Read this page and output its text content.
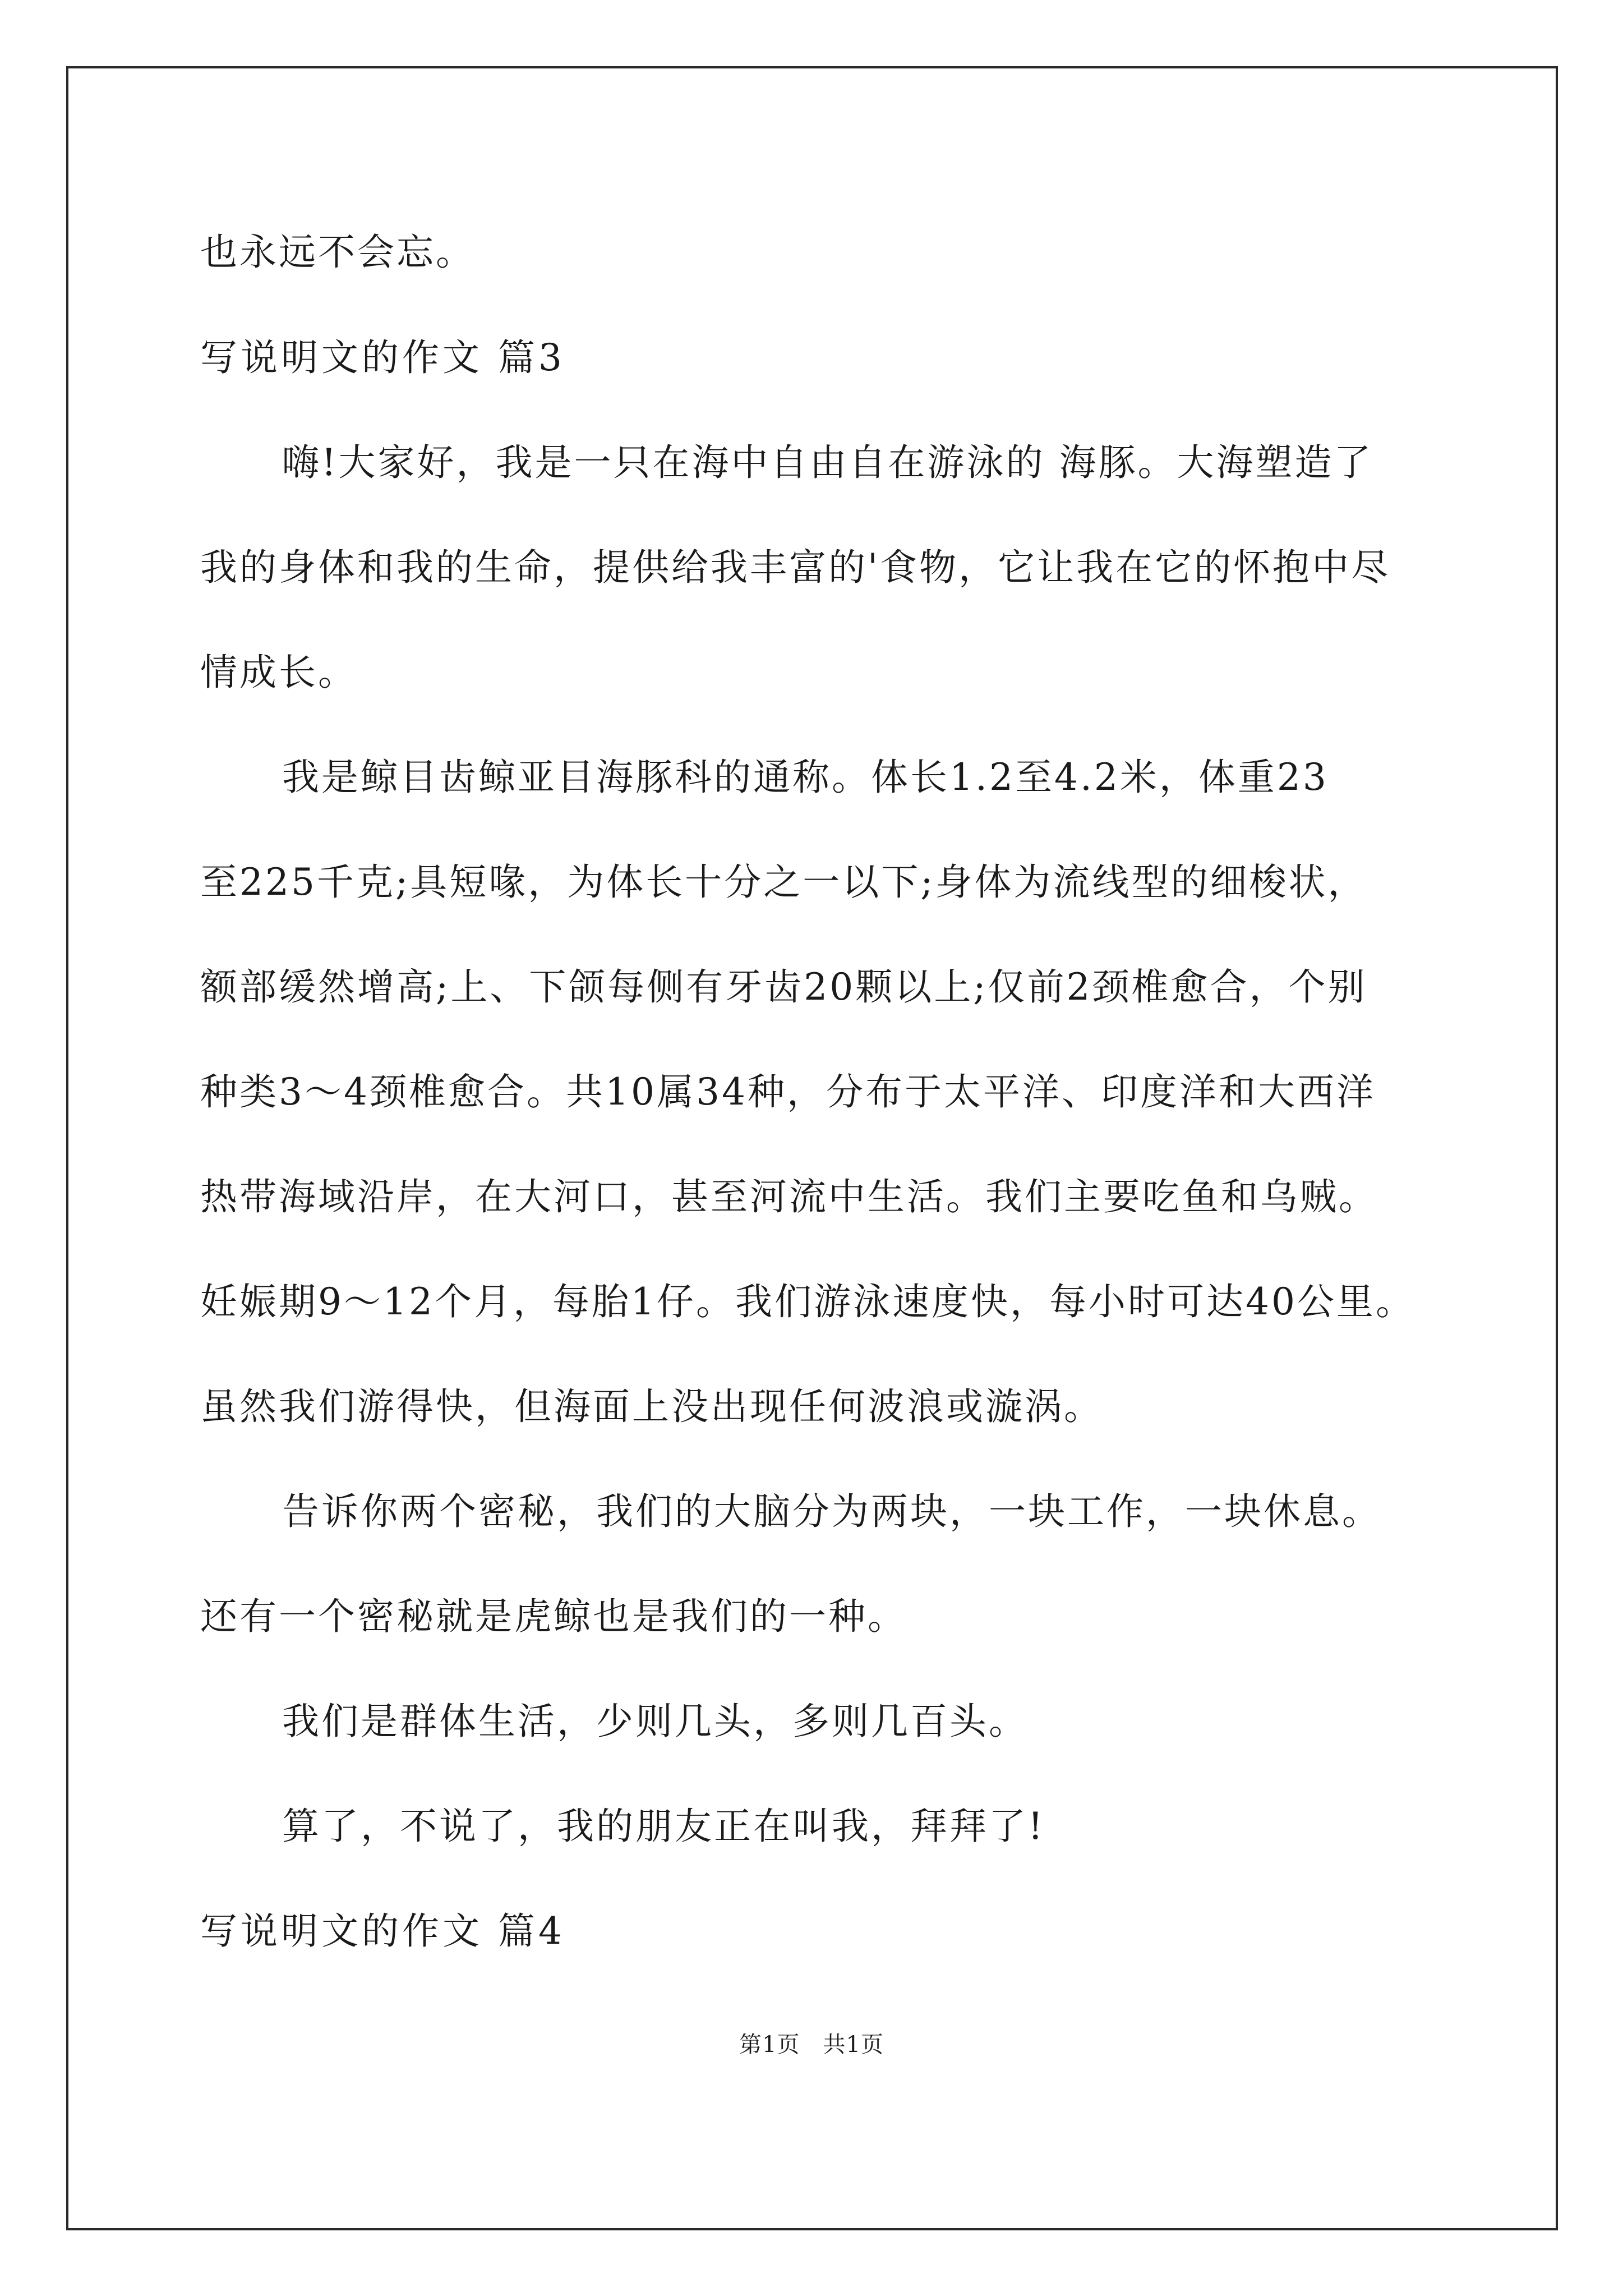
也永远不会忘。
写说明文的作文 篇3
嗨!大家好，我是一只在海中自由自在游泳的 海豚。大海塑造了
我的身体和我的生命，提供给我丰富的'食物，它让我在它的怀抱中尽
情成长。
我是鲸目齿鲸亚目海豚科的通称。体长1.2至4.2米，体重23
至225千克;具短喙，为体长十分之一以下;身体为流线型的细梭状，
额部缓然增高;上、下颌每侧有牙齿20颗以上;仅前2颈椎愈合，个别
种类3～4颈椎愈合。共10属34种，分布于太平洋、印度洋和大西洋
热带海域沿岸，在大河口，甚至河流中生活。我们主要吃鱼和乌贼。
妊娠期9～12个月，每胎1仔。我们游泳速度快，每小时可达40公里。
虽然我们游得快，但海面上没出现任何波浪或漩涡。
告诉你两个密秘，我们的大脑分为两块，一块工作，一块休息。
还有一个密秘就是虎鲸也是我们的一种。
我们是群体生活，少则几头，多则几百头。
算了，不说了，我的朋友正在叫我，拜拜了!
写说明文的作文 篇4
第1页　共1页
